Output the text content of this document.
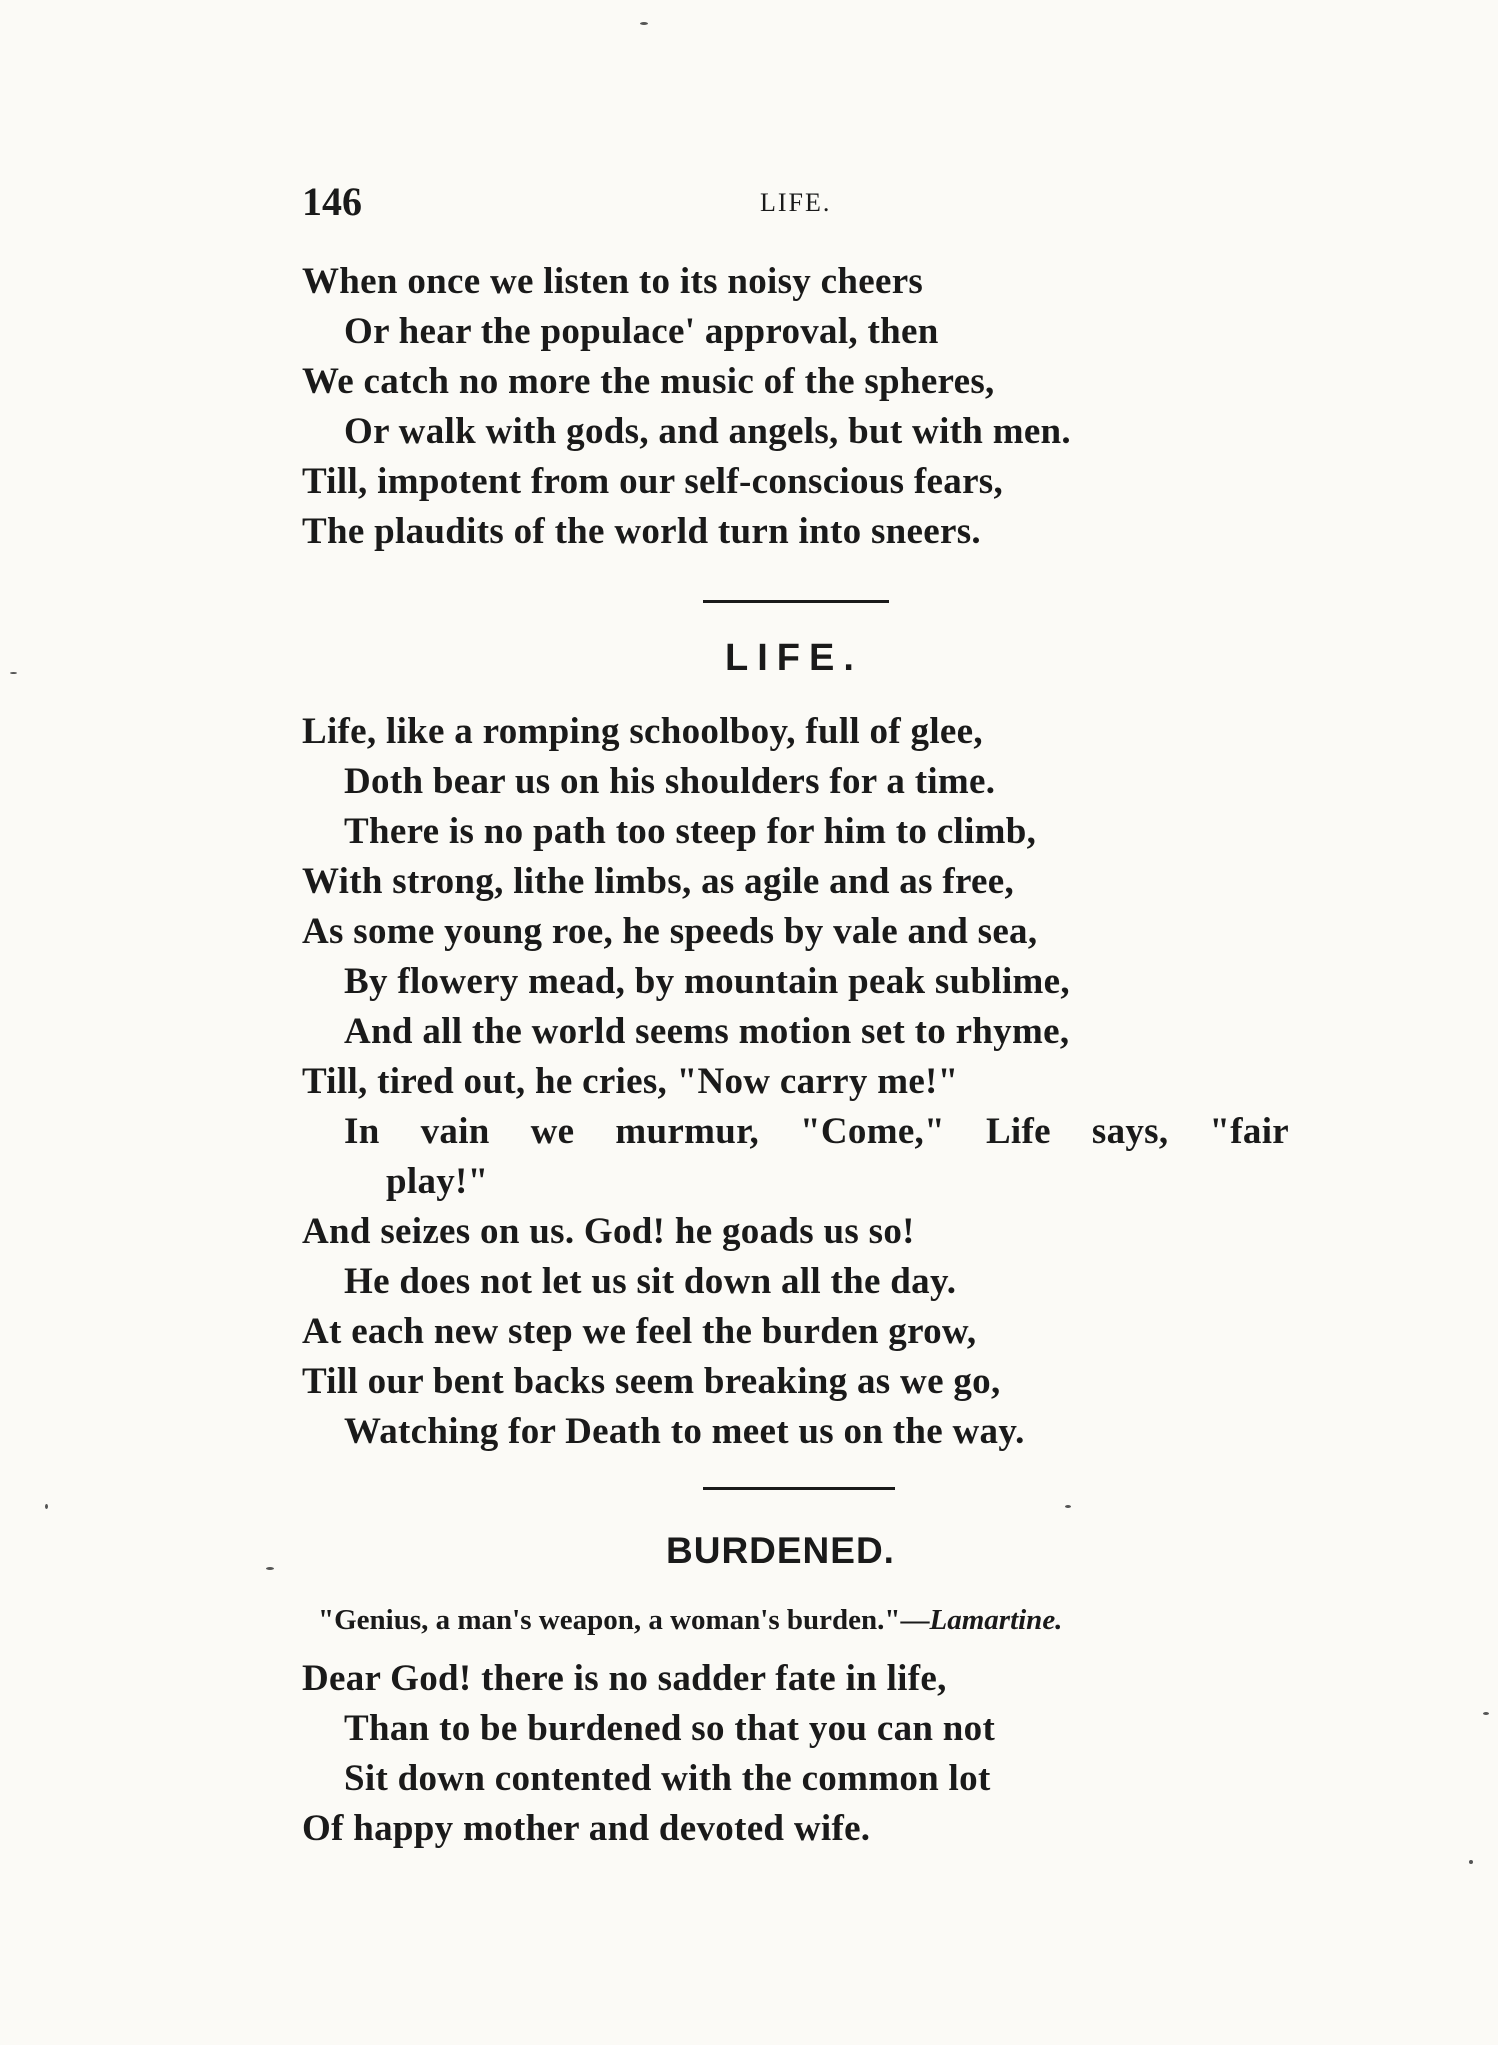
146	LIFE.
When once we listen to its noisy cheers
Or hear the populace' approval, then
We catch no more the music of the spheres,
Or walk with gods, and angels, but with men.
Till, impotent from our self-conscious fears,
The plaudits of the world turn into sneers.
LIFE.
Life, like a romping schoolboy, full of glee,
Doth bear us on his shoulders for a time.
There is no path too steep for him to climb,
With strong, lithe limbs, as agile and as free,
As some young roe, he speeds by vale and sea,
By flowery mead, by mountain peak sublime,
And all the world seems motion set to rhyme,
Till, tired out, he cries, "Now carry me!"
In vain we murmur, "Come," Life says, "fair
play!"
And seizes on us. God! he goads us so!
He does not let us sit down all the day.
At each new step we feel the burden grow,
Till our bent backs seem breaking as we go,
Watching for Death to meet us on the way.
BURDENED.
"Genius, a man's weapon, a woman's burden."—Lamartine.
Dear God! there is no sadder fate in life,
Than to be burdened so that you can not
Sit down contented with the common lot
Of happy mother and devoted wife.
